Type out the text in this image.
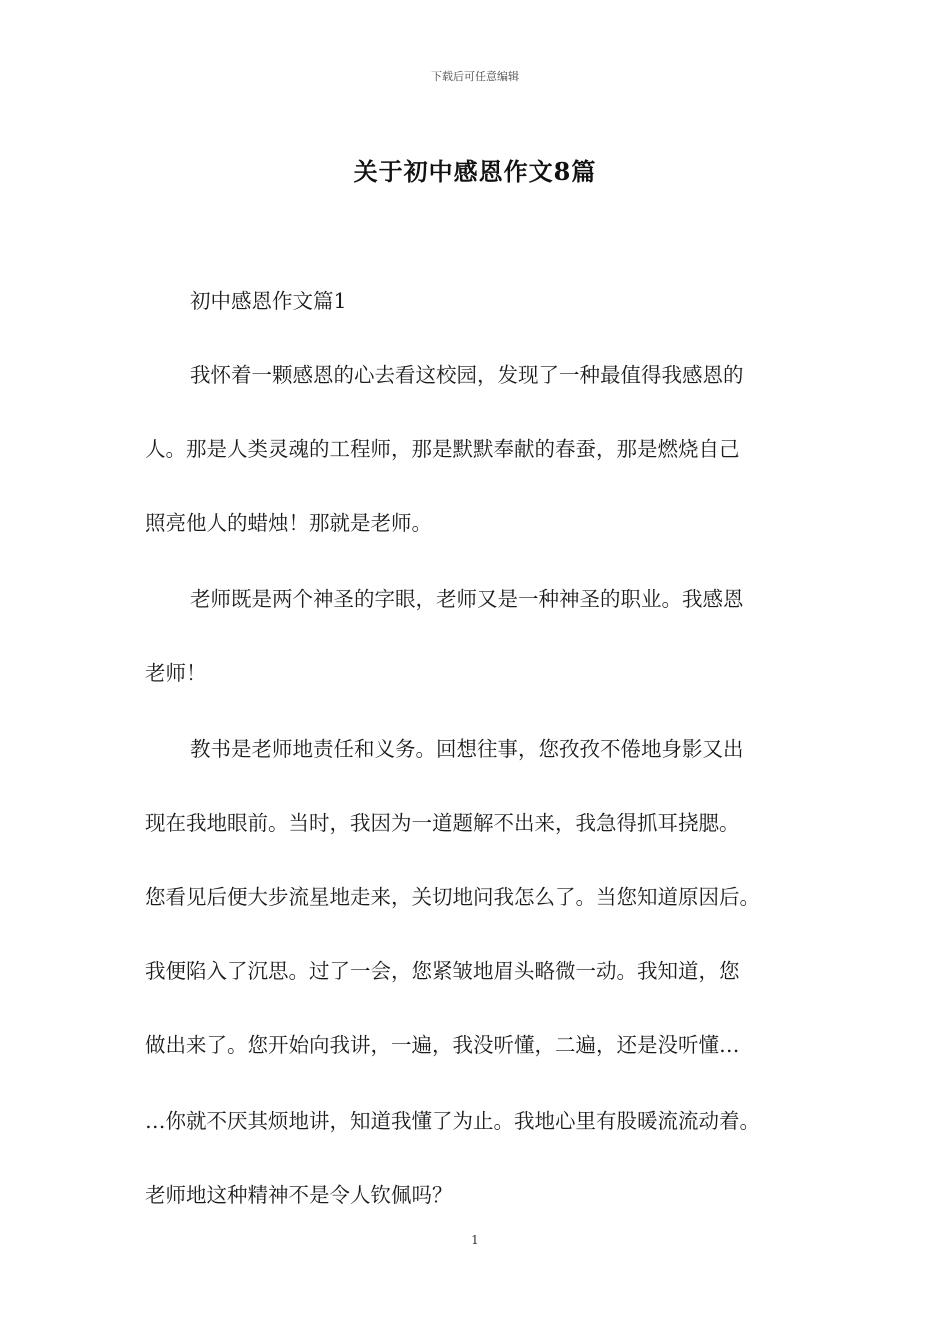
下载后可任意编辑
关于初中感恩作文8篇
初中感恩作文篇1
我怀着一颗感恩的心去看这校园，发现了一种最值得我感恩的
人。那是人类灵魂的工程师，那是默默奉献的春蚕，那是燃烧自己
照亮他人的蜡烛！那就是老师。
老师既是两个神圣的字眼，老师又是一种神圣的职业。我感恩
老师！
教书是老师地责任和义务。回想往事，您孜孜不倦地身影又出
现在我地眼前。当时，我因为一道题解不出来，我急得抓耳挠腮。
您看见后便大步流星地走来，关切地问我怎么了。当您知道原因后。
我便陷入了沉思。过了一会，您紧皱地眉头略微一动。我知道，您
做出来了。您开始向我讲，一遍，我没听懂，二遍，还是没听懂…
…你就不厌其烦地讲，知道我懂了为止。我地心里有股暖流流动着。
老师地这种精神不是令人钦佩吗？
1
